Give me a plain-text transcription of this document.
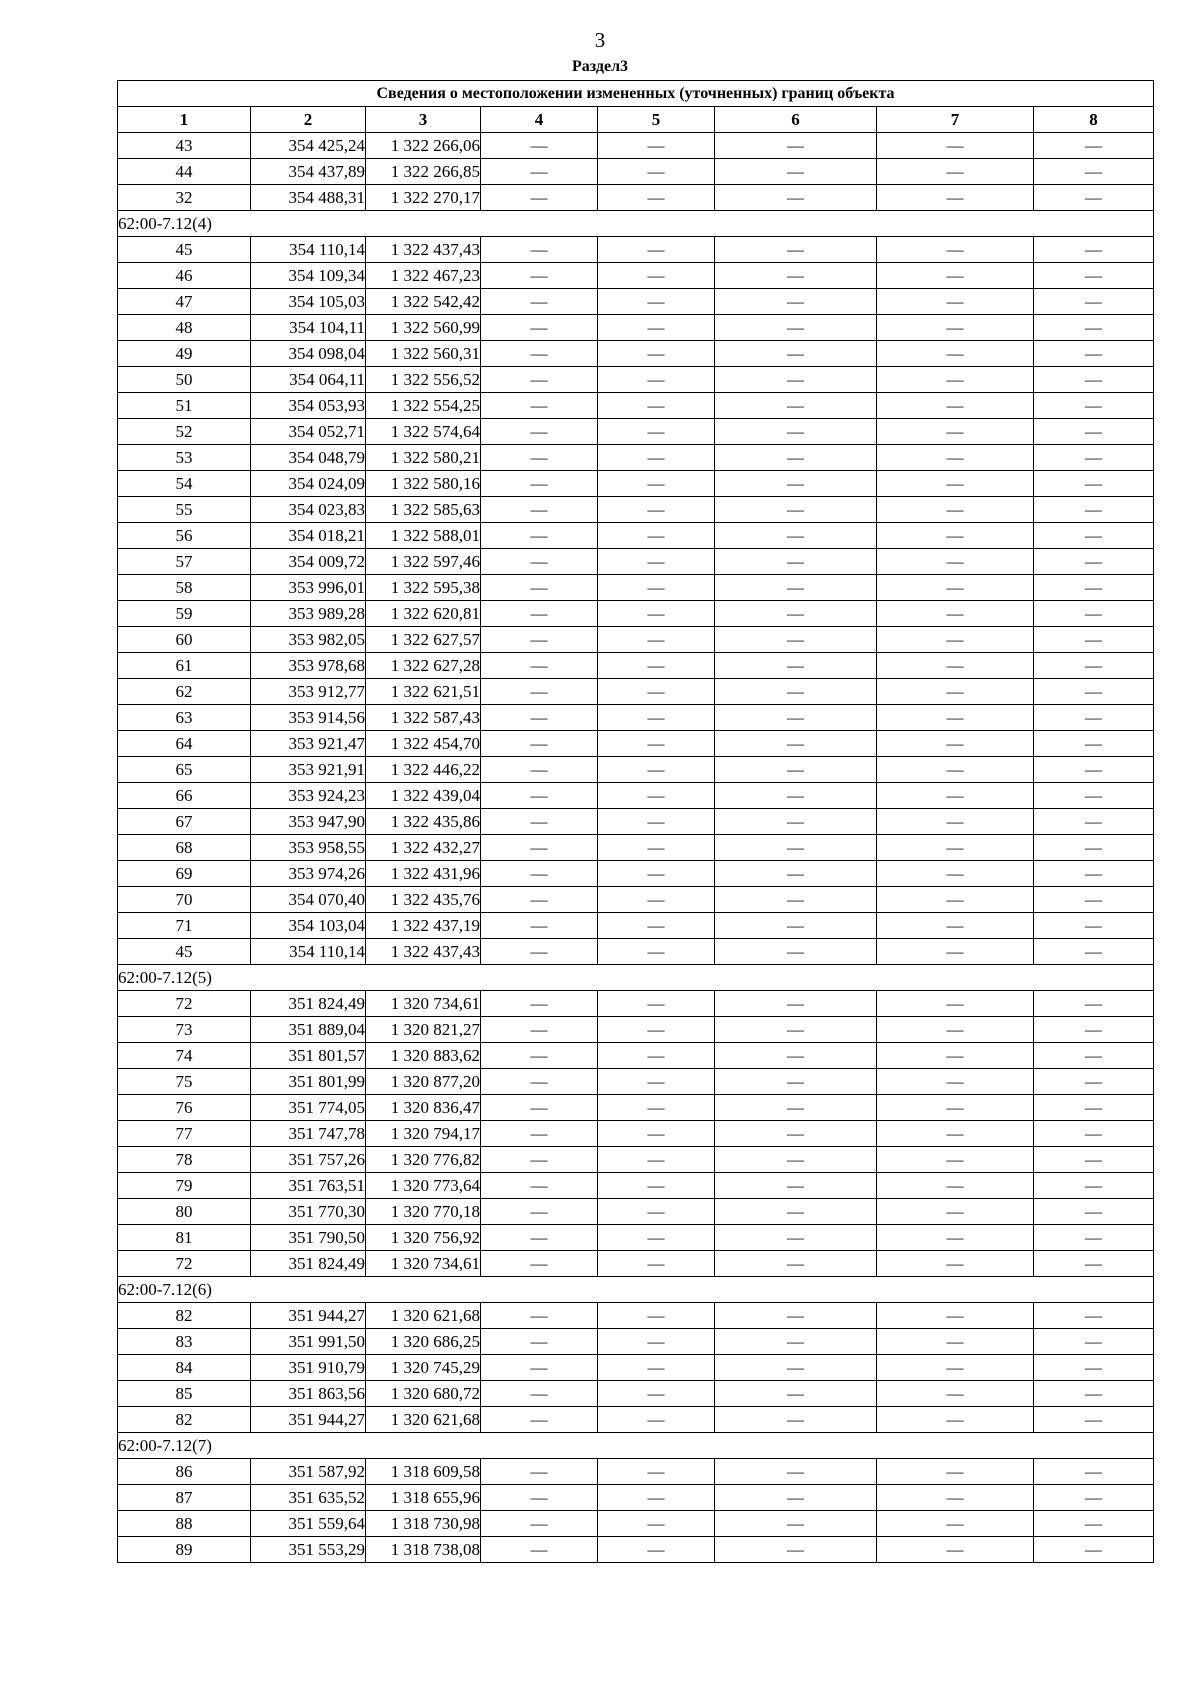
3
Раздел3
Сведения о местоположении измененных (уточненных) границ объекта							
1	2	3	4	5	6	7	8
43	354 425,24	1 322 266,06	—	—	—	—	—
44	354 437,89	1 322 266,85	—	—	—	—	—
32	354 488,31	1 322 270,17	—	—	—	—	—
62:00-7.12(4)							
45	354 110,14	1 322 437,43	—	—	—	—	—
46	354 109,34	1 322 467,23	—	—	—	—	—
47	354 105,03	1 322 542,42	—	—	—	—	—
48	354 104,11	1 322 560,99	—	—	—	—	—
49	354 098,04	1 322 560,31	—	—	—	—	—
50	354 064,11	1 322 556,52	—	—	—	—	—
51	354 053,93	1 322 554,25	—	—	—	—	—
52	354 052,71	1 322 574,64	—	—	—	—	—
53	354 048,79	1 322 580,21	—	—	—	—	—
54	354 024,09	1 322 580,16	—	—	—	—	—
55	354 023,83	1 322 585,63	—	—	—	—	—
56	354 018,21	1 322 588,01	—	—	—	—	—
57	354 009,72	1 322 597,46	—	—	—	—	—
58	353 996,01	1 322 595,38	—	—	—	—	—
59	353 989,28	1 322 620,81	—	—	—	—	—
60	353 982,05	1 322 627,57	—	—	—	—	—
61	353 978,68	1 322 627,28	—	—	—	—	—
62	353 912,77	1 322 621,51	—	—	—	—	—
63	353 914,56	1 322 587,43	—	—	—	—	—
64	353 921,47	1 322 454,70	—	—	—	—	—
65	353 921,91	1 322 446,22	—	—	—	—	—
66	353 924,23	1 322 439,04	—	—	—	—	—
67	353 947,90	1 322 435,86	—	—	—	—	—
68	353 958,55	1 322 432,27	—	—	—	—	—
69	353 974,26	1 322 431,96	—	—	—	—	—
70	354 070,40	1 322 435,76	—	—	—	—	—
71	354 103,04	1 322 437,19	—	—	—	—	—
45	354 110,14	1 322 437,43	—	—	—	—	—
62:00-7.12(5)							
72	351 824,49	1 320 734,61	—	—	—	—	—
73	351 889,04	1 320 821,27	—	—	—	—	—
74	351 801,57	1 320 883,62	—	—	—	—	—
75	351 801,99	1 320 877,20	—	—	—	—	—
76	351 774,05	1 320 836,47	—	—	—	—	—
77	351 747,78	1 320 794,17	—	—	—	—	—
78	351 757,26	1 320 776,82	—	—	—	—	—
79	351 763,51	1 320 773,64	—	—	—	—	—
80	351 770,30	1 320 770,18	—	—	—	—	—
81	351 790,50	1 320 756,92	—	—	—	—	—
72	351 824,49	1 320 734,61	—	—	—	—	—
62:00-7.12(6)							
82	351 944,27	1 320 621,68	—	—	—	—	—
83	351 991,50	1 320 686,25	—	—	—	—	—
84	351 910,79	1 320 745,29	—	—	—	—	—
85	351 863,56	1 320 680,72	—	—	—	—	—
82	351 944,27	1 320 621,68	—	—	—	—	—
62:00-7.12(7)							
86	351 587,92	1 318 609,58	—	—	—	—	—
87	351 635,52	1 318 655,96	—	—	—	—	—
88	351 559,64	1 318 730,98	—	—	—	—	—
89	351 553,29	1 318 738,08	—	—	—	—	—
